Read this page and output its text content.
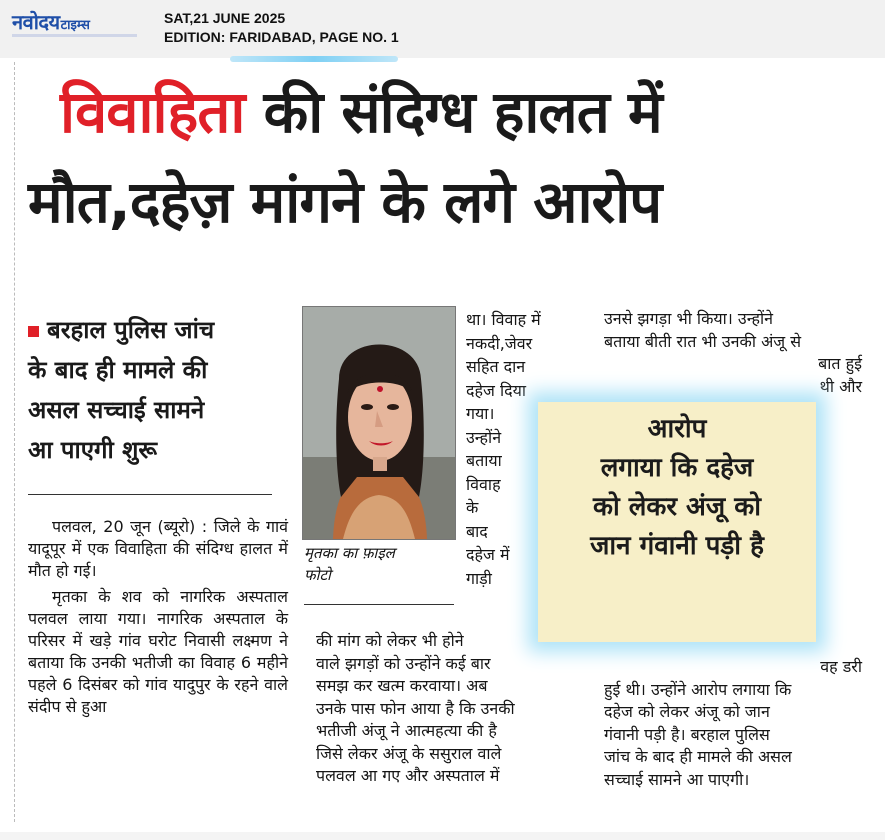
नवोदय टाइम्स	SAT,21 JUNE 2025
EDITION: FARIDABAD, PAGE NO. 1
विवाहिता की संदिग्ध हालत में
मौत,दहेज़ मांगने के लगे आरोप
बरहाल पुलिस जांच
के बाद ही मामले की
असल सच्चाई सामने
आ पाएगी शुरू

पलवल, 20 जून (ब्यूरो) : जिले के गावं यादूपूर में एक विवाहिता की संदिग्ध हालत में मौत हो गई।

मृतका के शव को नागरिक अस्पताल पलवल लाया गया। नागरिक अस्पताल के परिसर में खड़े गांव घरोट निवासी लक्ष्मण ने बताया कि उनकी भतीजी का विवाह 6 महीने पहले 6 दिसंबर को गांव यादुपुर के रहने वाले संदीप से हुआ

मृतका का फ़ाइल
फोटो
था। विवाह में
नकदी,जेवर
सहित दान
दहेज दिया
गया।
उन्होंने
बताया
विवाह
के
बाद
दहेज में
गाड़ी
की मांग को लेकर भी होने
वाले झगड़ों को उन्होंने कई बार
समझ कर खत्म करवाया। अब
उनके पास फोन आया है कि उनकी
भतीजी अंजू ने आत्महत्या की है
जिसे लेकर अंजू के ससुराल वाले
पलवल आ गए और अस्पताल में
उनसे झगड़ा भी किया। उन्होंने
बताया बीती रात भी उनकी अंजू से
बात हुई
थी और
आरोप
लगाया कि दहेज
को लेकर अंजू को
जान गंवानी पड़ी है
वह डरी
हुई थी। उन्होंने आरोप लगाया कि
दहेज को लेकर अंजू को जान
गंवानी पड़ी है। बरहाल पुलिस
जांच के बाद ही मामले की असल
सच्चाई सामने आ पाएगी।
